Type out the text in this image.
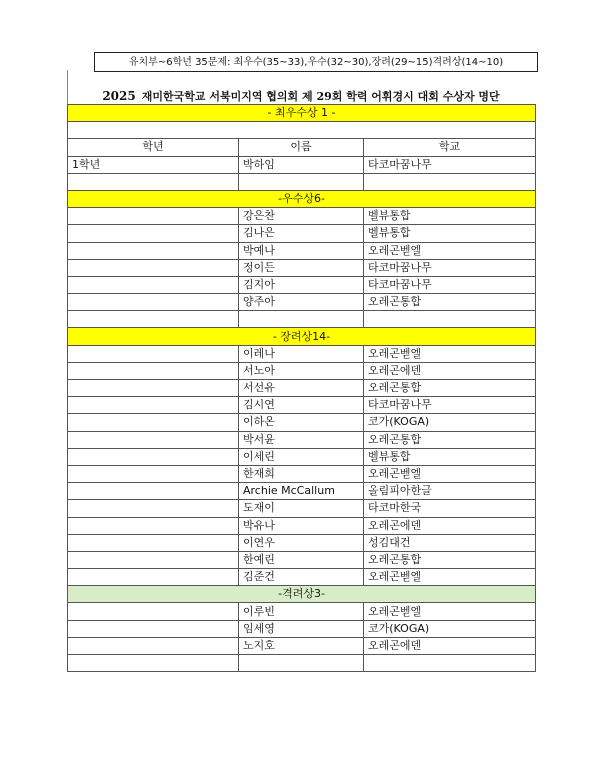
유치부~6학년 35문제: 최우수(35~33),우수(32~30),장려(29~15)격려상(14~10)
2025 재미한국학교 서북미지역 협의회 제 29회 학력 어휘경시 대회 수상자 명단
- 최우수상 1 -		

학년	이름	학교
1학년	박하임	타코마꿈나무

-우수상6-		
	강은찬	벨뷰통합
	김나은	벨뷰통합
	박예나	오레곤벧엘
	정이든	타코마꿈나무
	김지아	타코마꿈나무
	양주아	오레곤통합

- 장려상14-		
	이레나	오레곤벧엘
	서노아	오레곤에덴
	서선유	오레곤통합
	김시연	타코마꿈나무
	이하온	코가(KOGA)
	박서윤	오레곤통합
	이세린	벨뷰통합
	한재희	오레곤벧엘
	Archie McCallum	올림피아한글
	도재이	타코마한국
	박유나	오레곤에덴
	이연우	성김대건
	한예린	오레곤통합
	김준건	오레곤벧엘
-격려상3-		
	이루빈	오레곤벧엘
	임세영	코가(KOGA)
	노지호	오레곤에덴
